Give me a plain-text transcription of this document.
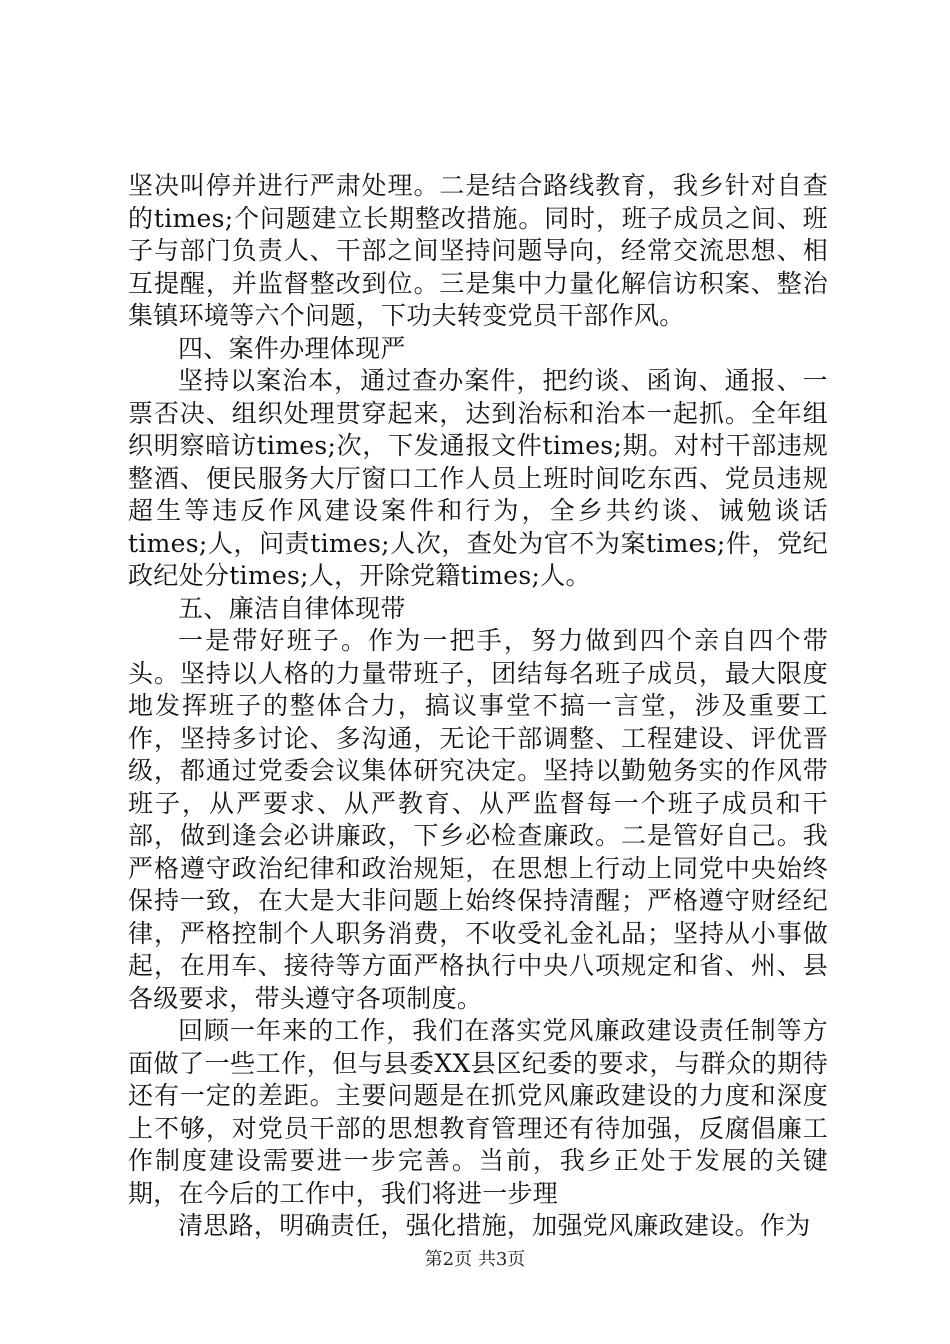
坚决叫停并进行严肃处理。二是结合路线教育，我乡针对自查的times;个问题建立长期整改措施。同时，班子成员之间、班子与部门负责人、干部之间坚持问题导向，经常交流思想、相互提醒，并监督整改到位。三是集中力量化解信访积案、整治集镇环境等六个问题，下功夫转变党员干部作风。

四、案件办理体现严

坚持以案治本，通过查办案件，把约谈、函询、通报、一票否决、组织处理贯穿起来，达到治标和治本一起抓。全年组织明察暗访times;次，下发通报文件times;期。对村干部违规整酒、便民服务大厅窗口工作人员上班时间吃东西、党员违规超生等违反作风建设案件和行为，全乡共约谈、诫勉谈话times;人，问责times;人次，查处为官不为案times;件，党纪政纪处分times;人，开除党籍times;人。

五、廉洁自律体现带

一是带好班子。作为一把手，努力做到四个亲自四个带头。坚持以人格的力量带班子，团结每名班子成员，最大限度地发挥班子的整体合力，搞议事堂不搞一言堂，涉及重要工作，坚持多讨论、多沟通，无论干部调整、工程建设、评优晋级，都通过党委会议集体研究决定。坚持以勤勉务实的作风带班子，从严要求、从严教育、从严监督每一个班子成员和干部，做到逢会必讲廉政，下乡必检查廉政。二是管好自己。我严格遵守政治纪律和政治规矩，在思想上行动上同党中央始终保持一致，在大是大非问题上始终保持清醒；严格遵守财经纪律，严格控制个人职务消费，不收受礼金礼品；坚持从小事做起，在用车、接待等方面严格执行中央八项规定和省、州、县各级要求，带头遵守各项制度。

回顾一年来的工作，我们在落实党风廉政建设责任制等方面做了一些工作，但与县委XX县区纪委的要求，与群众的期待还有一定的差距。主要问题是在抓党风廉政建设的力度和深度上不够，对党员干部的思想教育管理还有待加强，反腐倡廉工作制度建设需要进一步完善。当前，我乡正处于发展的关键期，在今后的工作中，我们将进一步理

清思路，明确责任，强化措施，加强党风廉政建设。作为

第2页 共3页
